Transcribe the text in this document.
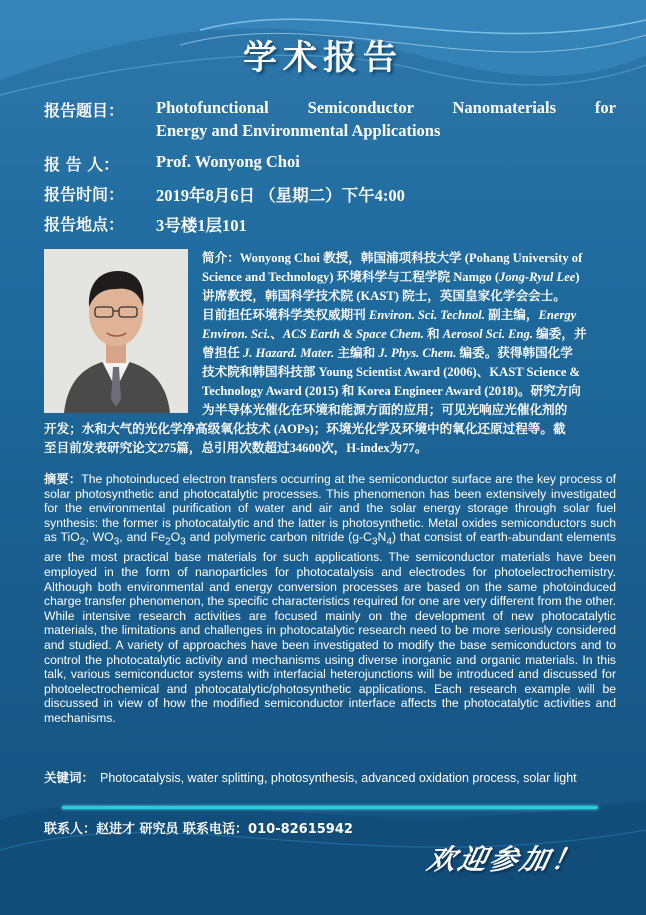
学术报告
报告题目： Photofunctional Semiconductor Nanomaterials for
Energy and Environmental Applications
报 告 人： Prof. Wonyong Choi
报告时间： 2019年8月6日 （星期二）下午4:00
报告地点： 3号楼1层101
简介：Wonyong Choi 教授，韩国浦项科技大学 (Pohang University of
Science and Technology) 环境科学与工程学院 Namgo (Jong-Ryul Lee)
讲席教授，韩国科学技术院 (KAST) 院士，英国皇家化学会会士。
目前担任环境科学类权威期刊 Environ. Sci. Technol. 副主编，Energy
Environ. Sci.、ACS Earth & Space Chem. 和 Aerosol Sci. Eng. 编委，并
曾担任 J. Hazard. Mater. 主编和 J. Phys. Chem. 编委。获得韩国化学
技术院和韩国科技部 Young Scientist Award (2006)、KAST Science &
Technology Award (2015) 和 Korea Engineer Award (2018)。研究方向
为半导体光催化在环境和能源方面的应用；可见光响应光催化剂的
开发；水和大气的光化学净高级氧化技术 (AOPs)；环境光化学及环境中的氧化还原过程等。截
至目前发表研究论文275篇，总引用次数超过34600次，H-index为77。
摘要：The photoinduced electron transfers occurring at the semiconductor surface are the key process of solar photosynthetic and photocatalytic processes. This phenomenon has been extensively investigated for the environmental purification of water and air and the solar energy storage through solar fuel synthesis: the former is photocatalytic and the latter is photosynthetic. Metal oxides semiconductors such as TiO$_2$, $WO_3$, and $Fe_2O_3$ and polymeric carbon nitride $(g-C_3N_4)$ that consist of earth-abundant elements are the most practical base materials for such applications. The semiconductor materials have been employed in the form of nanoparticles for photocatalysis and electrodes for photoelectrochemistry. Although both environmental and energy conversion processes are based on the same photoinduced charge transfer phenomenon, the specific characteristics required for one are very different from the other. While intensive research activities are focused mainly on the development of new photocatalytic materials, the limitations and challenges in photocatalytic research need to be more seriously considered and studied. A variety of approaches have been investigated to modify the base semiconductors and to control the photocatalytic activity and mechanisms using diverse inorganic and organic materials. In this talk, various semiconductor systems with interfacial heterojunctions will be introduced and discussed for photoelectrochemical and photocatalytic/photosynthetic applications. Each research example will be discussed in view of how the modified semiconductor interface affects the photocatalytic activities and mechanisms.
关键词： Photocatalysis, water splitting, photosynthesis, advanced oxidation process, solar light
联系人：赵进才 研究员 联系电话：010-82615942
欢迎参加！
